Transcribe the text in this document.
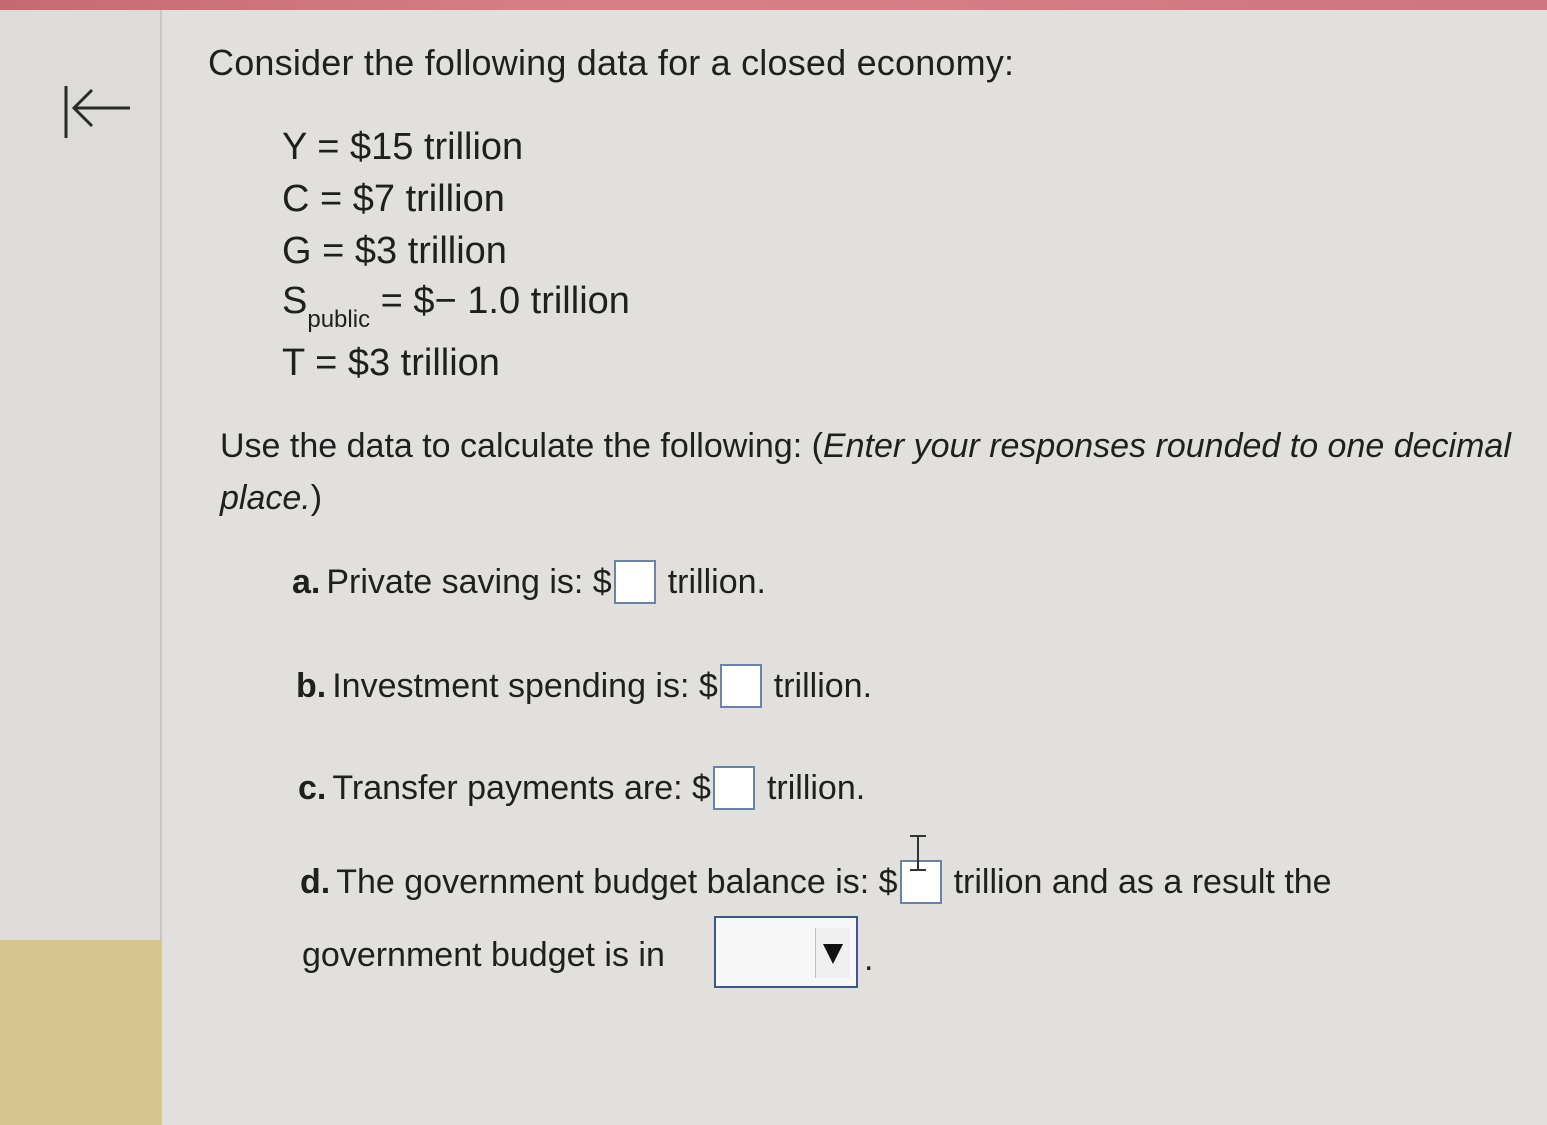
Consider the following data for a closed economy:
Y = $15 trillion
C = $7 trillion
G = $3 trillion
$S_{public}$ = $− 1.0 trillion
T = $3 trillion
Use the data to calculate the following: (Enter your responses rounded to one decimal place.)
a. Private saving is: $ trillion.
b. Investment spending is: $ trillion.
c. Transfer payments are: $ trillion.
d. The government budget balance is: $ trillion and as a result the
government budget is in	.
